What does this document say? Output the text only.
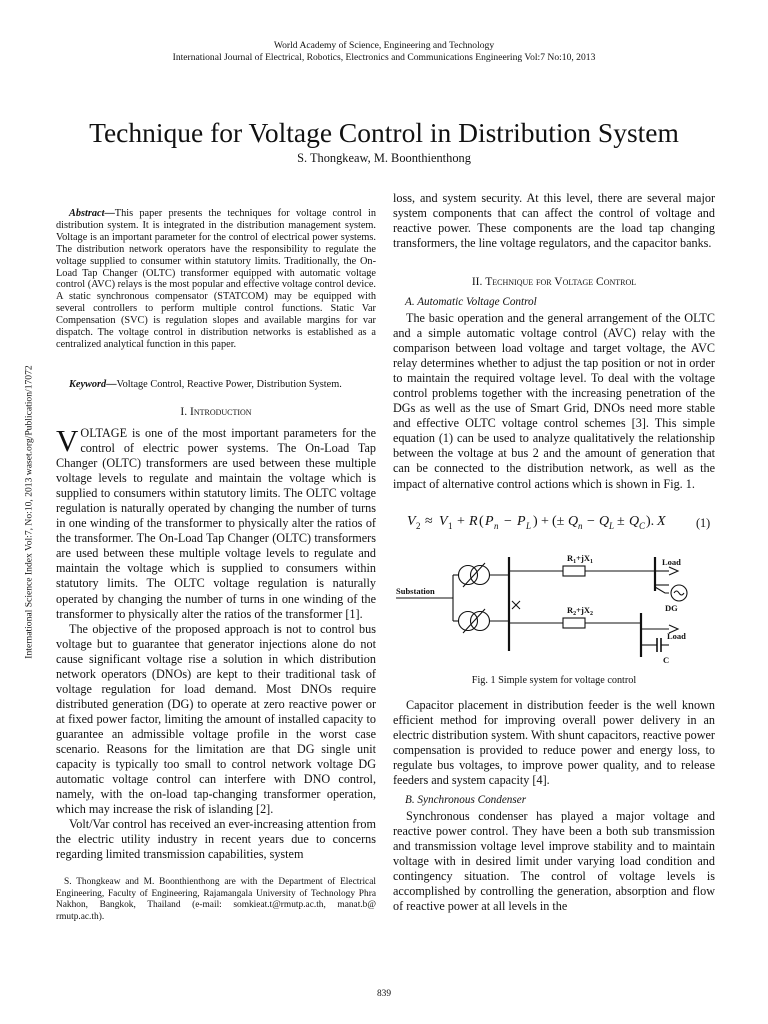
World Academy of Science, Engineering and Technology
International Journal of Electrical, Robotics, Electronics and Communications Engineering Vol:7 No:10, 2013
International Science Index Vol:7, No:10, 2013 waset.org/Publication/17072
Technique for Voltage Control in Distribution System
S. Thongkeaw, M. Boonthienthong

Abstract—This paper presents the techniques for voltage control in distribution system. It is integrated in the distribution management system. Voltage is an important parameter for the control of electrical power systems. The distribution network operators have the responsibility to regulate the voltage supplied to consumer within statutory limits. Traditionally, the On-Load Tap Changer (OLTC) transformer equipped with automatic voltage control (AVC) relays is the most popular and effective voltage control device. A static synchronous compensator (STATCOM) may be equipped with several controllers to perform multiple control functions. Static Var Compensation (SVC) is regulation slopes and available margins for var dispatch. The voltage control in distribution networks is established as a centralized analytical function in this paper.

Keyword—Voltage Control, Reactive Power, Distribution System.

I. Introduction

VOLTAGE is one of the most important parameters for the control of electric power systems. The On-Load Tap Changer (OLTC) transformers are used between these multiple voltage levels to regulate and maintain the voltage which is supplied to consumers within statutory limits. The OLTC voltage regulation is naturally operated by changing the number of turns in one winding of the transformer to physically alter the ratios of the transformer. The On-Load Tap Changer (OLTC) transformers are used between these multiple voltage levels to regulate and maintain the voltage which is supplied to consumers within statutory limits. The OLTC voltage regulation is naturally operated by changing the number of turns in one winding of the transformer to physically alter the ratios of the transformer [1].

The objective of the proposed approach is not to control bus voltage but to guarantee that generator injections alone do not cause significant voltage rise a solution in which distribution network operators (DNOs) are kept to their traditional task of voltage regulation for load demand. Most DNOs require distributed generation (DG) to operate at zero reactive power or at fixed power factor, limiting the amount of installed capacity to guarantee an admissible voltage profile in the worst case scenario. Reasons for the limitation are that DG single unit capacity is typically too small to control network voltage DG automatic voltage control can interfere with DNO control, namely, with the on-load tap-changing transformer operation, which may increase the risk of islanding [2].

Volt/Var control has received an ever-increasing attention from the electric utility industry in recent years due to concerns regarding limited transmission capabilities, system

S. Thongkeaw and M. Boonthienthong are with the Department of Electrical Engineering, Faculty of Engineering, Rajamangala University of Technology Phra Nakhon, Bangkok, Thailand (e-mail: somkieat.t@rmutp.ac.th, manat.b@ rmutp.ac.th).

loss, and system security. At this level, there are several major system components that can affect the control of voltage and reactive power. These components are the load tap changing transformers, the line voltage regulators, and the capacitor banks.

II. Technique for Voltage Control
A. Automatic Voltage Control

The basic operation and the general arrangement of the OLTC and a simple automatic voltage control (AVC) relay with the comparison between load voltage and target voltage, the AVC relay determines whether to adjust the tap position or not in order to maintain the required voltage level. To deal with the voltage control problems together with the increasing penetration of the DGs as well as the use of Smart Grid, DNOs need more stable and effective OLTC voltage control schemes [3]. This simple equation (1) can be used to analyze qualitatively the relationship between the voltage at bus 2 and the amount of generation that can be connected to the distribution network, as well as the impact of alternative control actions which is shown in Fig. 1.

V 2 ≈ V 1 + R ( P n − P L ) + (± Q n − Q L ± Q C ). X (1)
Substation
$R_1+jX_1$
$R_2+jX_2$
Load
DG
Load
C
Fig. 1 Simple system for voltage control

Capacitor placement in distribution feeder is the well known efficient method for improving overall power delivery in an electric distribution system. With shunt capacitors, reactive power compensation is provided to reduce power and energy loss, to regulate bus voltages, to improve power quality, and to release feeders and system capacity [4].

B. Synchronous Condenser

Synchronous condenser has played a major voltage and reactive power control. They have been a both sub transmission and transmission voltage level improve stability and to maintain voltage with in desired limit under varying load condition and contingency situation. The control of voltage levels is accomplished by controlling the generation, absorption and flow of reactive power at all levels in the

839
